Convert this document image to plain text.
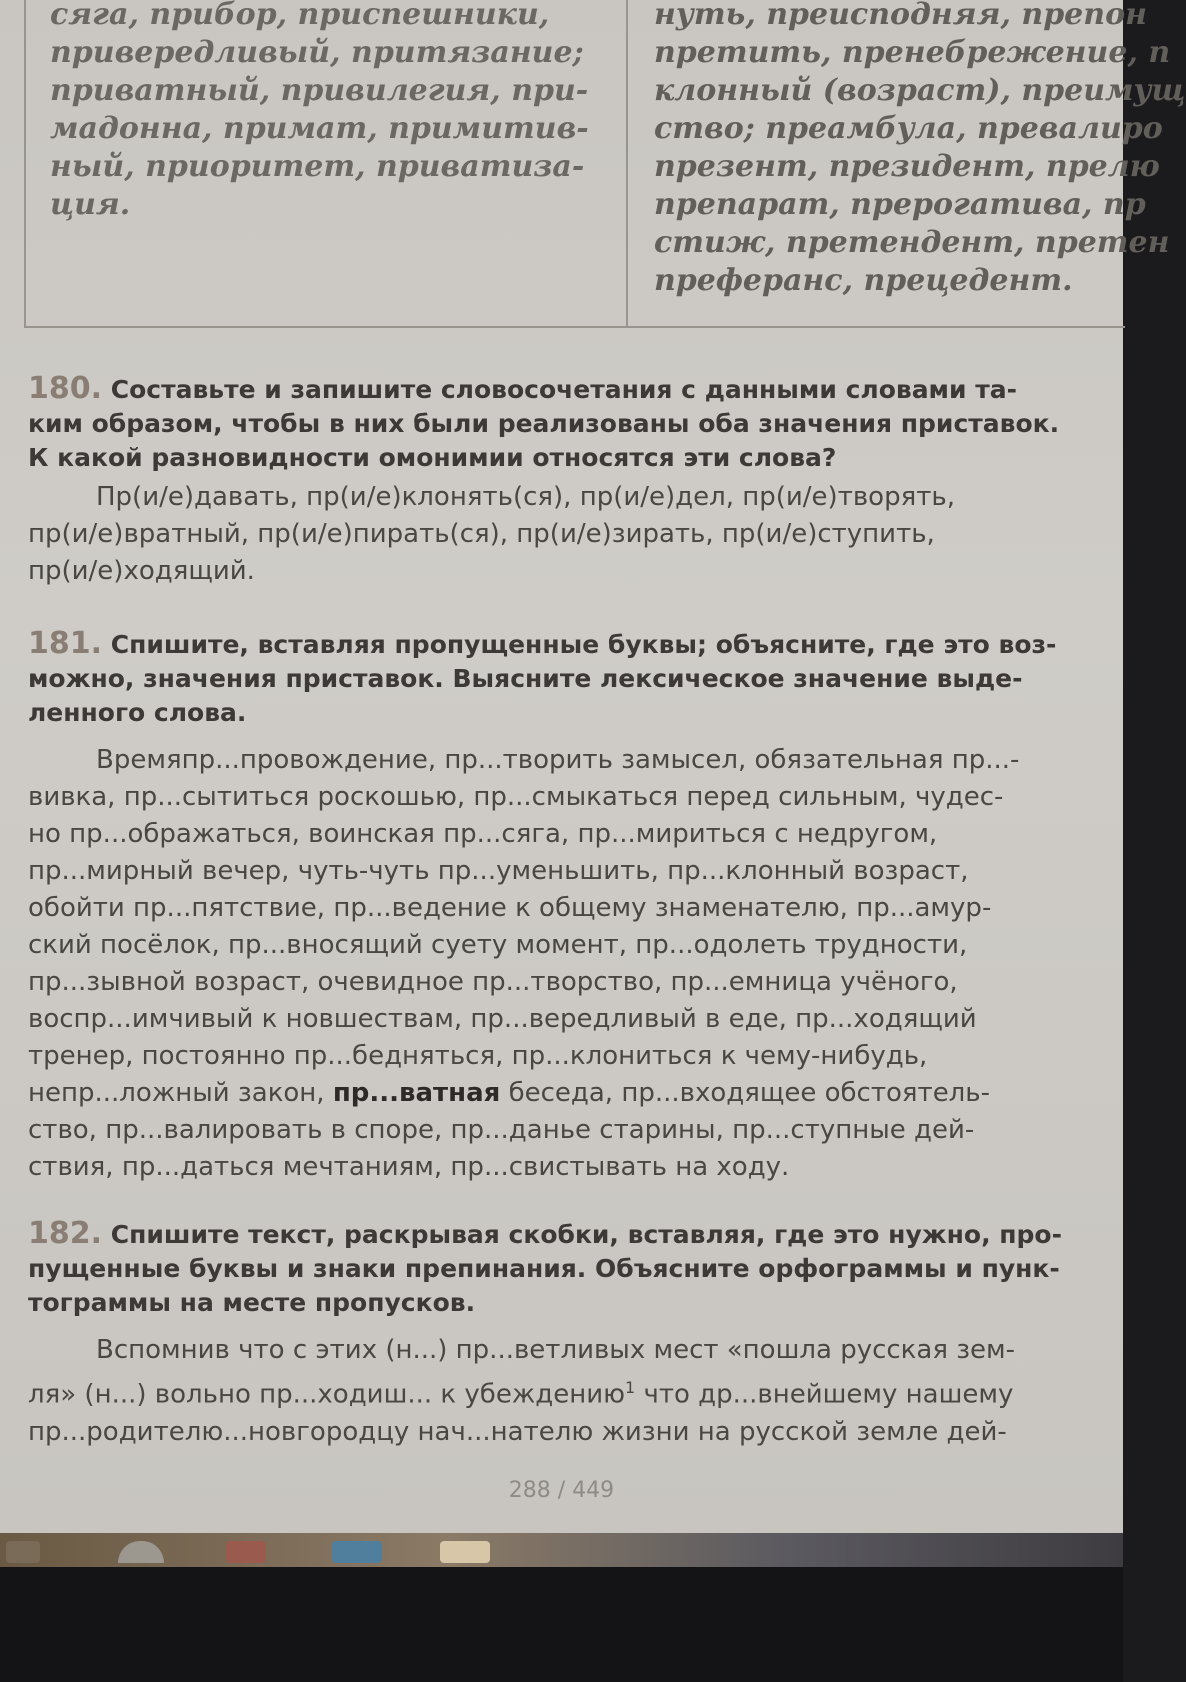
сяга, прибор, приспешники,
привередливый, притязание;
приватный, привилегия, при-
мадонна, примат, примитив-
ный, приоритет, приватиза-
ция.
нуть, преисподняя, препон
претить, пренебрежение, п
клонный (возраст), преимущ
ство; преамбула, превалиро
презент, президент, прелю
препарат, прерогатива, пр
стиж, претендент, претен
преферанс, прецедент.
180. Составьте и запишите словосочетания с данными словами та-
ким образом, чтобы в них были реализованы оба значения приставок.
К какой разновидности омонимии относятся эти слова?
Пр(и/е)давать, пр(и/е)клонять(ся), пр(и/е)дел, пр(и/е)творять,
пр(и/е)вратный, пр(и/е)пирать(ся), пр(и/е)зирать, пр(и/е)ступить,
пр(и/е)ходящий.
181. Спишите, вставляя пропущенные буквы; объясните, где это воз-
можно, значения приставок. Выясните лексическое значение выде-
ленного слова.
Времяпр...провождение, пр...творить замысел, обязательная пр...-
вивка, пр...сытиться роскошью, пр...смыкаться перед сильным, чудес-
но пр...ображаться, воинская пр...сяга, пр...мириться с недругом,
пр...мирный вечер, чуть-чуть пр...уменьшить, пр...клонный возраст,
обойти пр...пятствие, пр...ведение к общему знаменателю, пр...амур-
ский посёлок, пр...вносящий суету момент, пр...одолеть трудности,
пр...зывной возраст, очевидное пр...творство, пр...емница учёного,
воспр...имчивый к новшествам, пр...вередливый в еде, пр...ходящий
тренер, постоянно пр...бедняться, пр...клониться к чему-нибудь,
непр...ложный закон, пр...ватная беседа, пр...входящее обстоятель-
ство, пр...валировать в споре, пр...данье старины, пр...ступные дей-
ствия, пр...даться мечтаниям, пр...свистывать на ходу.
182. Спишите текст, раскрывая скобки, вставляя, где это нужно, про-
пущенные буквы и знаки препинания. Объясните орфограммы и пунк-
тограммы на месте пропусков.
Вспомнив что с этих (н...) пр...ветливых мест «пошла русская зем-
ля» (н...) вольно пр...ходиш... к убеждению$^1$ что др...внейшему нашему
пр...родителю...новгородцу нач...нателю жизни на русской земле дей-
288 / 449
